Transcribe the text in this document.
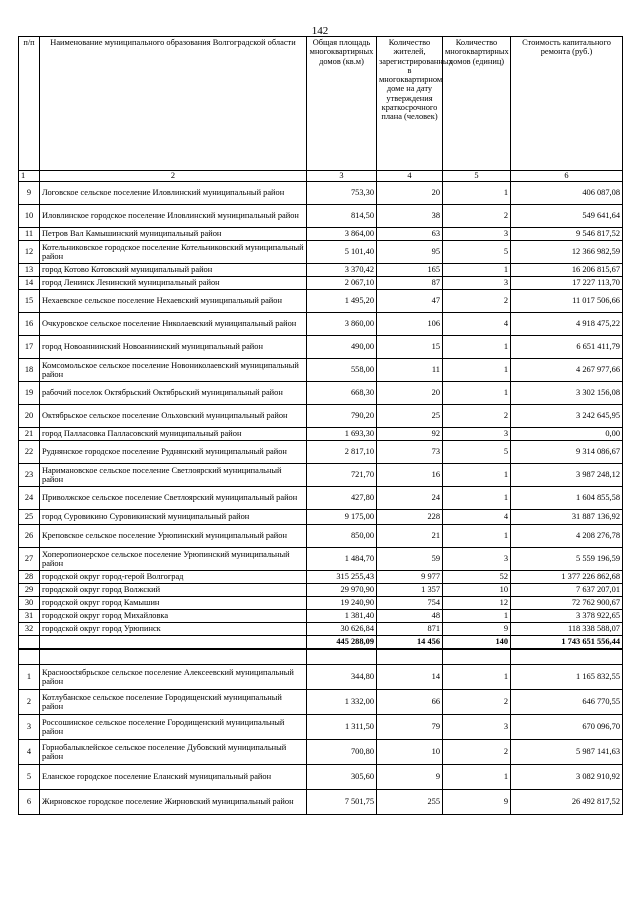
142
п/п	Наименование муниципального образования Волгоградской области	Общая площадь многоквартирных домов (кв.м)	Количество жителей, зарегистрированных в многоквартирном доме на дату утверждения краткосрочного плана (человек)	Количество многоквартирных домов (единиц)	Стоимость капитального ремонта (руб.)
1	2	3	4	5	6
9	Логовское сельское поселение Иловлинский муниципальный район	753,30	20	1	406 087,08
10	Иловлинское городское поселение Иловлинский муниципальный район	814,50	38	2	549 641,64
11	Петров Вал Камышинский муниципальный район	3 864,00	63	3	9 546 817,52
12	Котельниковское городское поселение Котельниковский муниципальный район	5 101,40	95	5	12 366 982,59
13	город Котово Котовский муниципальный район	3 370,42	165	1	16 206 815,67
14	город Ленинск Ленинский муниципальный район	2 067,10	87	3	17 227 113,70
15	Нехаевское сельское поселение Нехаевский муниципальный район	1 495,20	47	2	11 017 506,66
16	Очкуровское сельское поселение Николаевский муниципальный район	3 860,00	106	4	4 918 475,22
17	город Новоаннинский Новоаннинский муниципальный район	490,00	15	1	6 651 411,79
18	Комсомольское сельское поселение Новониколаевский муниципальный район	558,00	11	1	4 267 977,66
19	рабочий поселок Октябрьский Октябрьский муниципальный район	668,30	20	1	3 302 156,08
20	Октябрьское сельское поселение Ольховский муниципальный район	790,20	25	2	3 242 645,95
21	город Палласовка Палласовский муниципальный район	1 693,30	92	3	0,00
22	Руднянское городское поселение Руднянский муниципальный район	2 817,10	73	5	9 314 086,67
23	Наримановское сельское поселение Светлоярский муниципальный район	721,70	16	1	3 987 248,12
24	Приволжское сельское поселение Светлоярский муниципальный район	427,80	24	1	1 604 855,58
25	город Суровикино Суровикинский муниципальный район	9 175,00	228	4	31 887 136,92
26	Креповское сельское поселение Урюпинский муниципальный район	850,00	21	1	4 208 276,78
27	Хоперопионерское сельское поселение Урюпинский муниципальный район	1 484,70	59	3	5 559 196,59
28	городской округ город-герой Волгоград	315 255,43	9 977	52	1 377 226 862,68
29	городской округ город Волжский	29 970,90	1 357	10	7 637 207,01
30	городской округ город Камышин	19 240,90	754	12	72 762 900,67
31	городской округ город Михайловка	1 381,40	48	1	3 378 922,65
32	городской округ город Урюпинск	30 626,84	871	9	118 338 588,07
		445 288,09	14 456	140	1 743 651 556,44

1	Красноoctябрьское сельское поселение Алексеевский муниципальный район	344,80	14	1	1 165 832,55
2	Котлубанское сельское поселение Городищенский муниципальный район	1 332,00	66	2	646 770,55
3	Россошинское сельское поселение Городищенский муниципальный район	1 311,50	79	3	670 096,70
4	Горнобалыклейское сельское поселение Дубовский муниципальный район	700,80	10	2	5 987 141,63
5	Еланское городское поселение Еланский муниципальный район	305,60	9	1	3 082 910,92
6	Жирновское городское поселение Жирновский муниципальный район	7 501,75	255	9	26 492 817,52
